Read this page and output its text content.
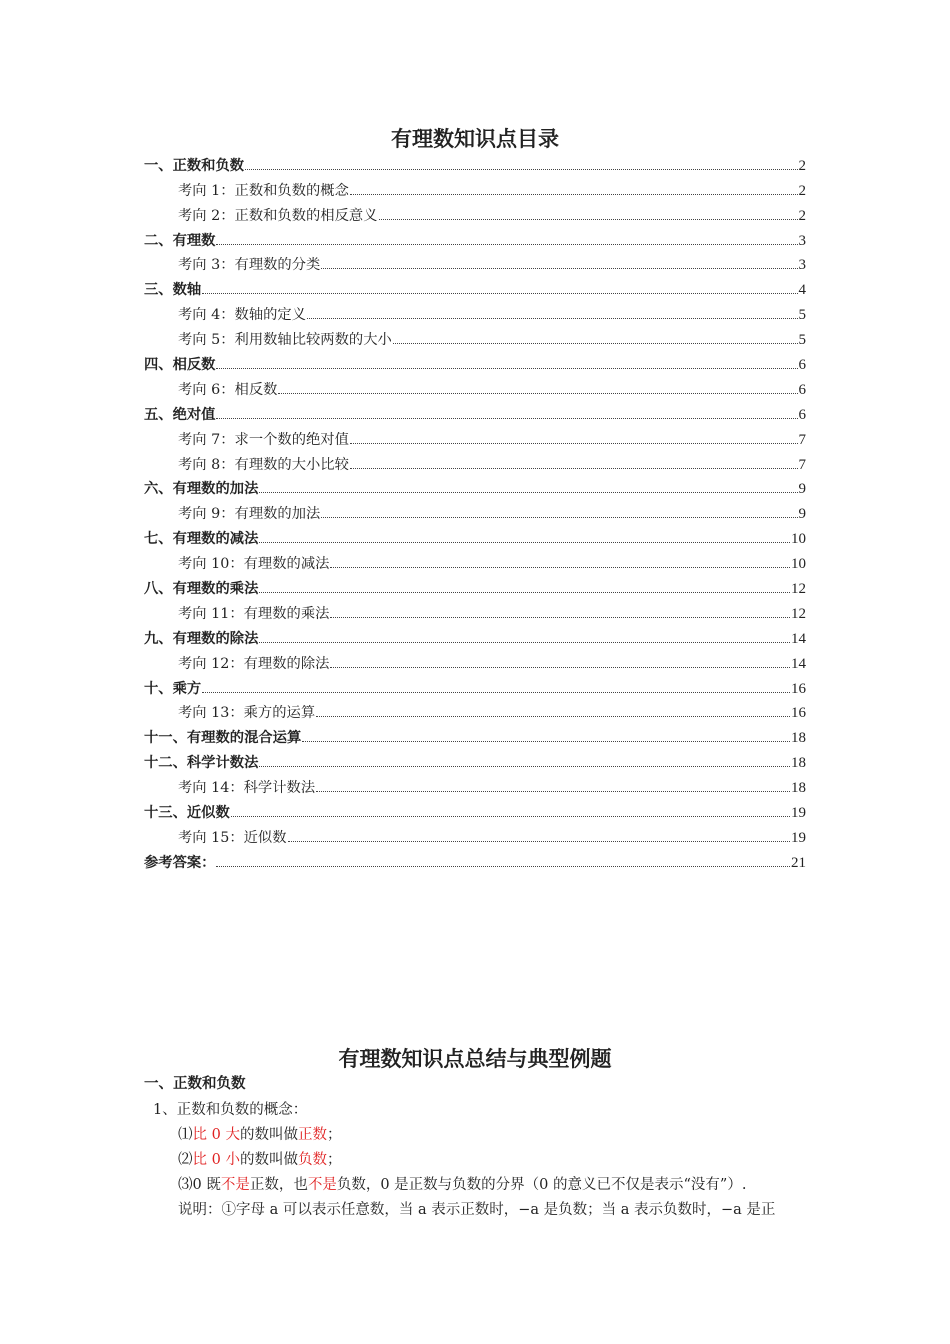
有理数知识点目录
一、正数和负数	2
考向 1：正数和负数的概念	2
考向 2：正数和负数的相反意义	2
二、有理数	3
考向 3：有理数的分类	3
三、数轴	4
考向 4：数轴的定义	5
考向 5：利用数轴比较两数的大小	5
四、相反数	6
考向 6：相反数	6
五、绝对值	6
考向 7：求一个数的绝对值	7
考向 8：有理数的大小比较	7
六、有理数的加法	9
考向 9：有理数的加法	9
七、有理数的减法	10
考向 10：有理数的减法	10
八、有理数的乘法	12
考向 11：有理数的乘法	12
九、有理数的除法	14
考向 12：有理数的除法	14
十、乘方	16
考向 13：乘方的运算	16
十一、有理数的混合运算	18
十二、科学计数法	18
考向 14：科学计数法	18
十三、近似数	19
考向 15：近似数	19
参考答案：	21
有理数知识点总结与典型例题
一、正数和负数
1、正数和负数的概念：
⑴比 0 大的数叫做正数；
⑵比 0 小的数叫做负数；
⑶0 既不是正数，也不是负数，0 是正数与负数的分界（0 的意义已不仅是表示“没有”）.
说明：①字母 a 可以表示任意数，当 a 表示正数时，−a 是负数；当 a 表示负数时，−a 是正
